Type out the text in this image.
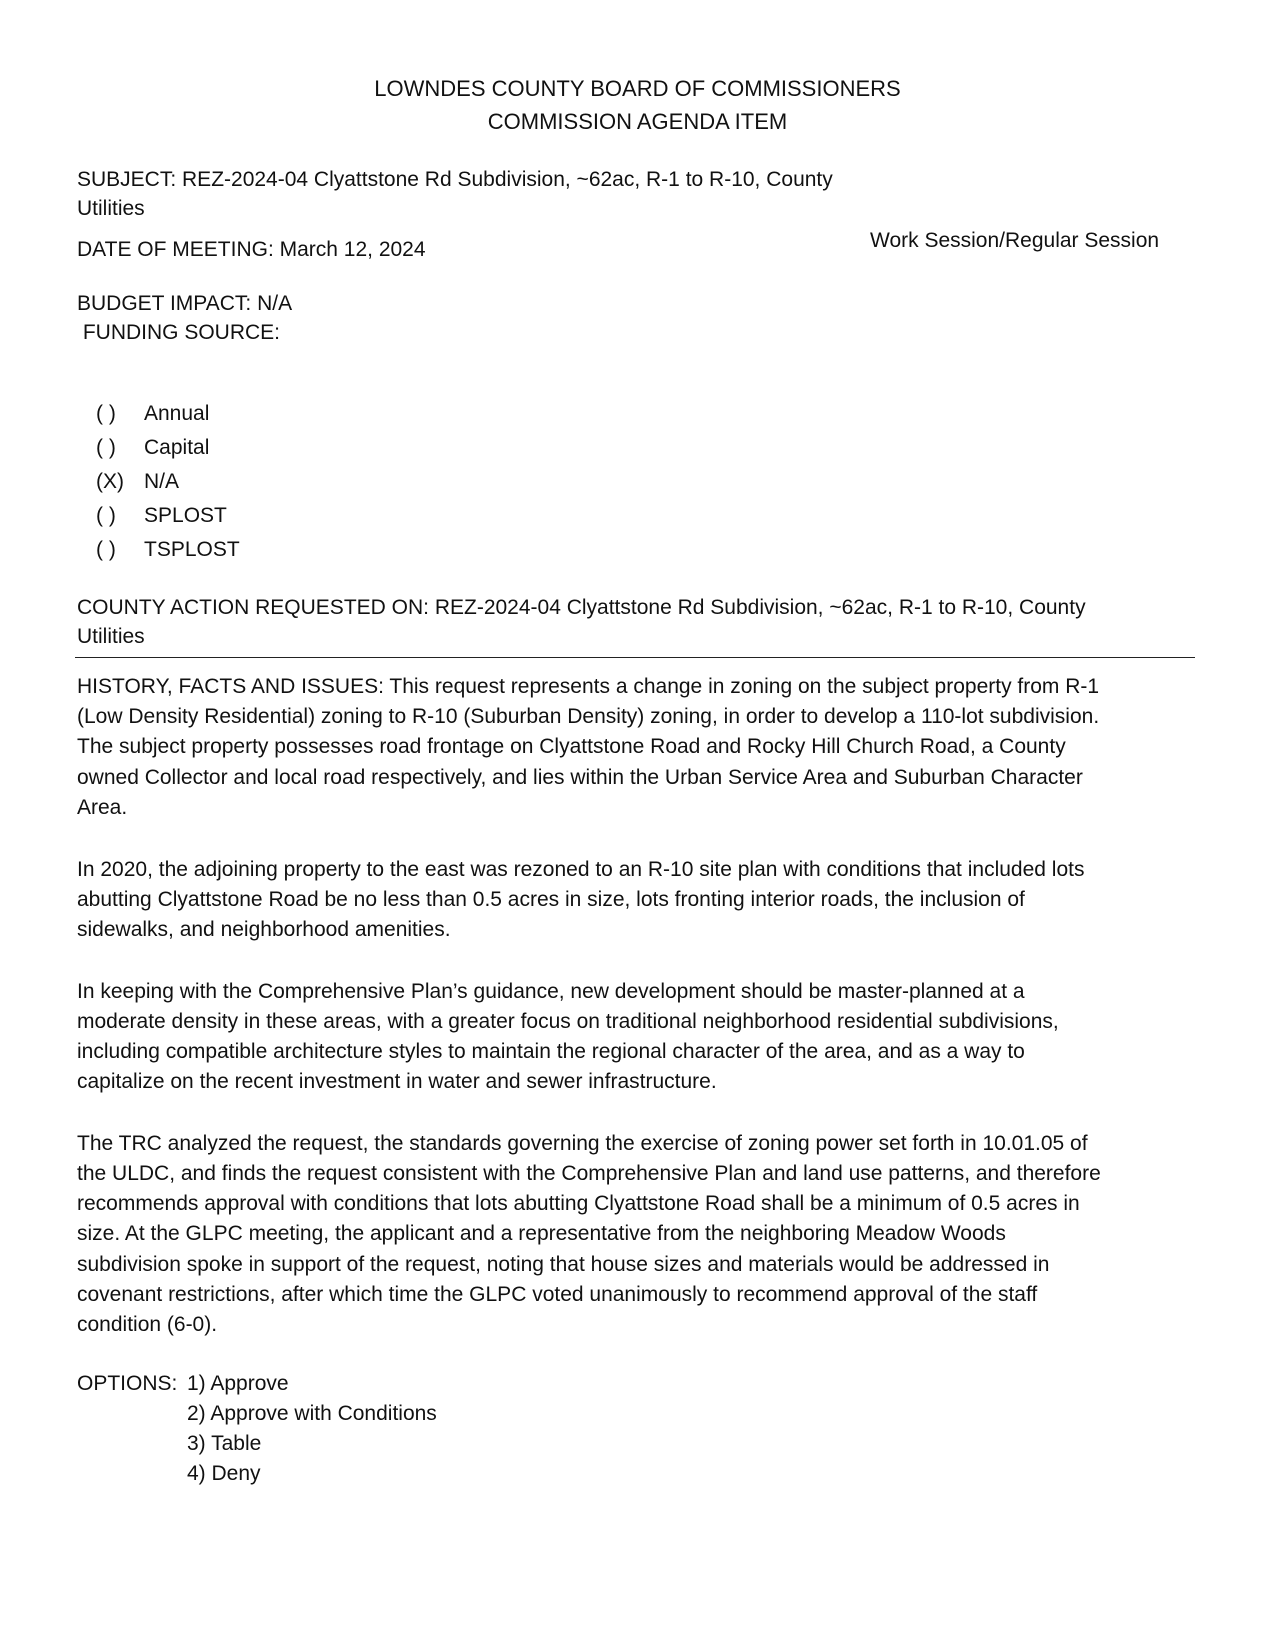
LOWNDES COUNTY BOARD OF COMMISSIONERS
COMMISSION AGENDA ITEM
SUBJECT: REZ-2024-04 Clyattstone Rd Subdivision, ~62ac, R-1 to R-10, County
Utilities
DATE OF MEETING: March 12, 2024	Work Session/Regular Session
BUDGET IMPACT: N/A
FUNDING SOURCE:
( ) Annual
( ) Capital
(X) N/A
( ) SPLOST
( ) TSPLOST
COUNTY ACTION REQUESTED ON: REZ-2024-04 Clyattstone Rd Subdivision, ~62ac, R-1 to R-10, County
Utilities
HISTORY, FACTS AND ISSUES: This request represents a change in zoning on the subject property from R-1
(Low Density Residential) zoning to R-10 (Suburban Density) zoning, in order to develop a 110-lot subdivision.
The subject property possesses road frontage on Clyattstone Road and Rocky Hill Church Road, a County
owned Collector and local road respectively, and lies within the Urban Service Area and Suburban Character
Area.
In 2020, the adjoining property to the east was rezoned to an R-10 site plan with conditions that included lots
abutting Clyattstone Road be no less than 0.5 acres in size, lots fronting interior roads, the inclusion of
sidewalks, and neighborhood amenities.
In keeping with the Comprehensive Plan’s guidance, new development should be master-planned at a
moderate density in these areas, with a greater focus on traditional neighborhood residential subdivisions,
including compatible architecture styles to maintain the regional character of the area, and as a way to
capitalize on the recent investment in water and sewer infrastructure.
The TRC analyzed the request, the standards governing the exercise of zoning power set forth in 10.01.05 of
the ULDC, and finds the request consistent with the Comprehensive Plan and land use patterns, and therefore
recommends approval with conditions that lots abutting Clyattstone Road shall be a minimum of 0.5 acres in
size. At the GLPC meeting, the applicant and a representative from the neighboring Meadow Woods
subdivision spoke in support of the request, noting that house sizes and materials would be addressed in
covenant restrictions, after which time the GLPC voted unanimously to recommend approval of the staff
condition (6-0).
OPTIONS: 1) Approve
2) Approve with Conditions
3) Table
4) Deny
